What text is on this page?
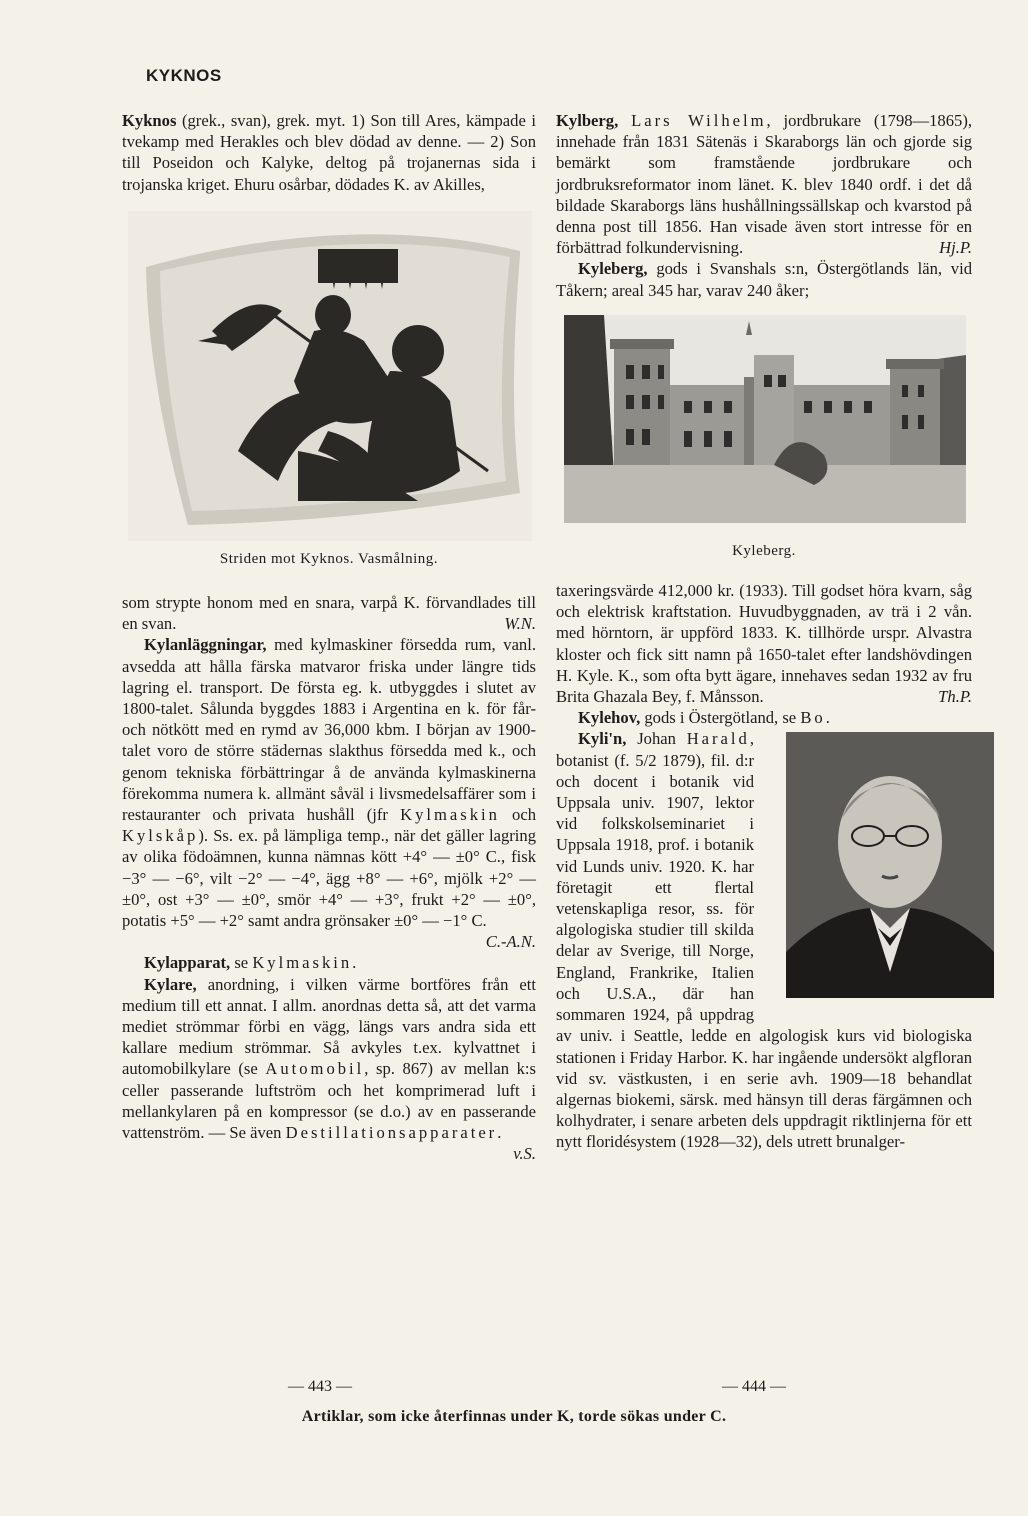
KYKNOS

Kyknos (grek., svan), grek. myt. 1) Son till Ares, kämpade i tvekamp med Herakles och blev dödad av denne. — 2) Son till Poseidon och Kalyke, deltog på trojanernas sida i trojanska kriget. Ehuru osårbar, dödades K. av Akilles,

Striden mot Kyknos. Vasmålning.

som strypte honom med en snara, varpå K. förvandlades till en svan.	W.N.

Kylanläggningar, med kylmaskiner försedda rum, vanl. avsedda att hålla färska matvaror friska under längre tids lagring el. transport. De första eg. k. utbyggdes i slutet av 1800-talet. Sålunda byggdes 1883 i Argentina en k. för får- och nötkött med en rymd av 36,000 kbm. I början av 1900-talet voro de större städernas slakthus försedda med k., och genom tekniska förbättringar å de använda kylmaskinerna förekomma numera k. allmänt såväl i livsmedelsaffärer som i restauranter och privata hushåll (jfr Kylmaskin och Kylskåp). Ss. ex. på lämpliga temp., när det gäller lagring av olika födoämnen, kunna nämnas kött +4° — ±0° C., fisk −3° — −6°, vilt −2° — −4°, ägg +8° — +6°, mjölk +2° — ±0°, ost +3° — ±0°, smör +4° — +3°, frukt +2° — ±0°, potatis +5° — +2° samt andra grönsaker ±0° — −1° C.
C.-A.N.

Kylapparat, se Kylmaskin.

Kylare, anordning, i vilken värme bortföres från ett medium till ett annat. I allm. anordnas detta så, att det varma mediet strömmar förbi en vägg, längs vars andra sida ett kallare medium strömmar. Så avkyles t.ex. kylvattnet i automobilkylare (se Automobil, sp. 867) av mellan k:s celler passerande luftström och het komprimerad luft i mellankylaren på en kompressor (se d.o.) av en passerande vattenström. — Se även Destillationsapparater.
v.S.

Kylberg, Lars Wilhelm, jordbrukare (1798—1865), innehade från 1831 Sätenäs i Skaraborgs län och gjorde sig bemärkt som framstående jordbrukare och jordbruksreformator inom länet. K. blev 1840 ordf. i det då bildade Skaraborgs läns hushållningssällskap och kvarstod på denna post till 1856. Han visade även stort intresse för en förbättrad folkundervisning.	Hj.P.

Kyleberg, gods i Svanshals s:n, Östergötlands län, vid Tåkern; areal 345 har, varav 240 åker;

Kyleberg.

taxeringsvärde 412,000 kr. (1933). Till godset höra kvarn, såg och elektrisk kraftstation. Huvudbyggnaden, av trä i 2 vån. med hörntorn, är uppförd 1833. K. tillhörde urspr. Alvastra kloster och fick sitt namn på 1650-talet efter landshövdingen H. Kyle. K., som ofta bytt ägare, innehaves sedan 1932 av fru Brita Ghazala Bey, f. Månsson.	Th.P.

Kylehov, gods i Östergötland, se Bo.

Kyli'n, Johan Harald, botanist (f. 5/2 1879), fil. d:r och docent i botanik vid Uppsala univ. 1907, lektor vid folkskolseminariet i Uppsala 1918, prof. i botanik vid Lunds univ. 1920. K. har företagit ett flertal vetenskapliga resor, ss. för algologiska studier till skilda delar av Sverige, till Norge, England, Frankrike, Italien och U.S.A., där han sommaren 1924, på uppdrag av univ. i Seattle, ledde en algologisk kurs vid biologiska stationen i Friday Harbor. K. har ingående undersökt algfloran vid sv. västkusten, i en serie avh. 1909—18 behandlat algernas biokemi, särsk. med hänsyn till deras färgämnen och kolhydrater, i senare arbeten dels uppdragit riktlinjerna för ett nytt floridésystem (1928—32), dels utrett brunalger-

— 443 —	— 444 —
Artiklar, som icke återfinnas under K, torde sökas under C.
